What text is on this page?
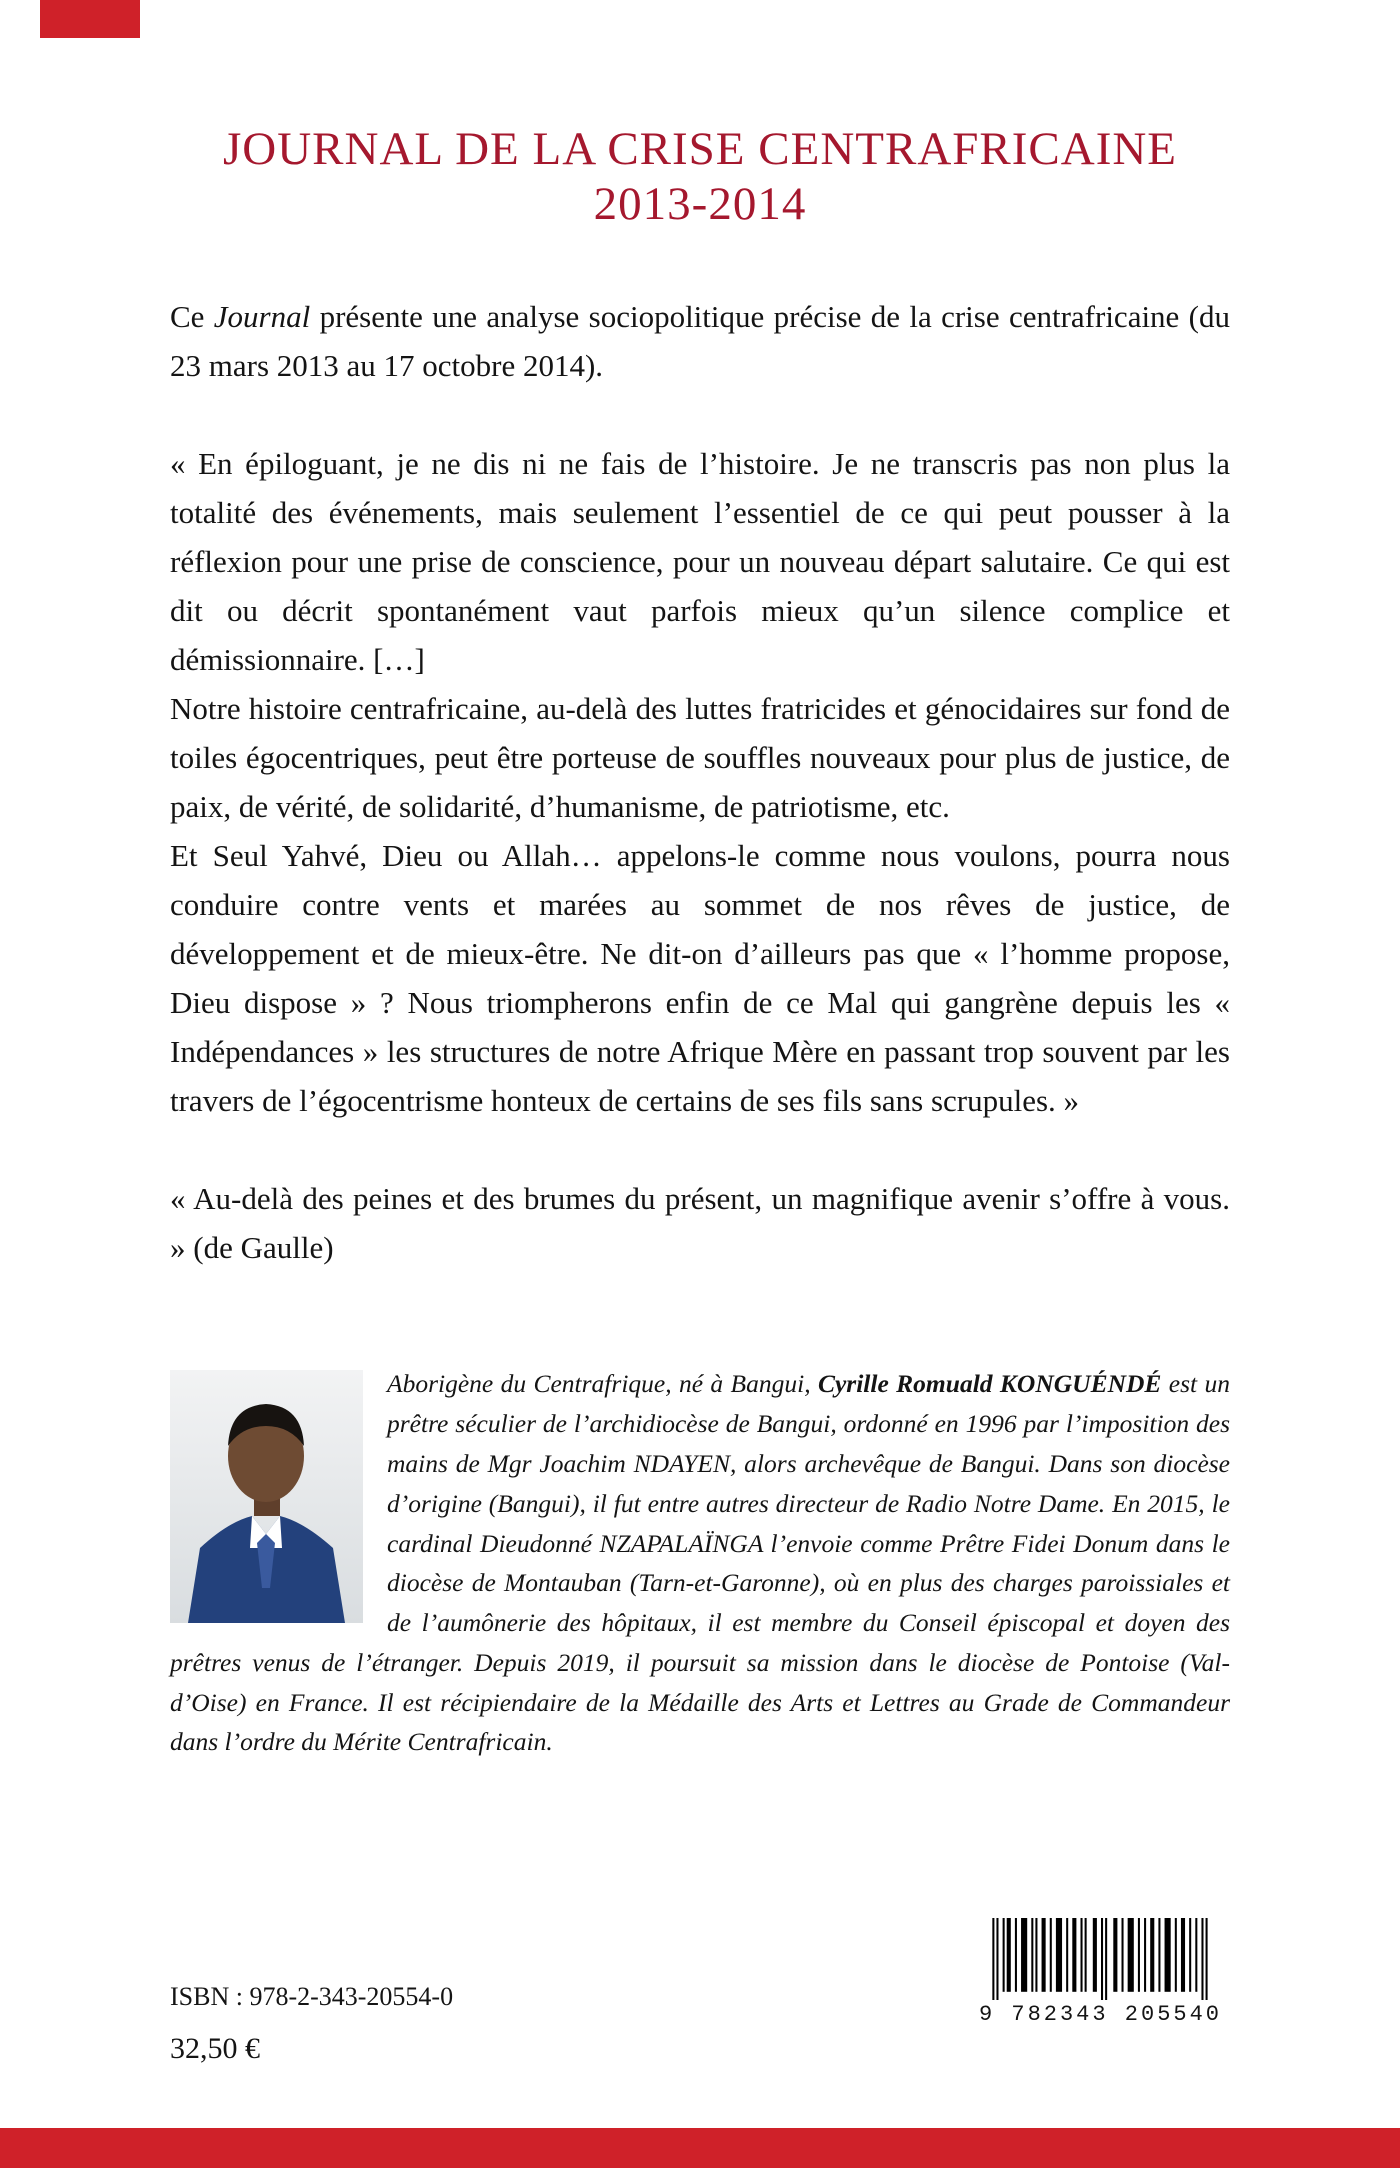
JOURNAL DE LA CRISE CENTRAFRICAINE
2013-2014

Ce Journal présente une analyse sociopolitique précise de la crise centrafricaine (du 23 mars 2013 au 17 octobre 2014).

« En épiloguant, je ne dis ni ne fais de l’histoire. Je ne transcris pas non plus la totalité des événements, mais seulement l’essentiel de ce qui peut pousser à la réflexion pour une prise de conscience, pour un nouveau départ salutaire. Ce qui est dit ou décrit spontanément vaut parfois mieux qu’un silence complice et démissionnaire. […]

Notre histoire centrafricaine, au-delà des luttes fratricides et génocidaires sur fond de toiles égocentriques, peut être porteuse de souffles nouveaux pour plus de justice, de paix, de vérité, de solidarité, d’humanisme, de patriotisme, etc.

Et Seul Yahvé, Dieu ou Allah… appelons-le comme nous voulons, pourra nous conduire contre vents et marées au sommet de nos rêves de justice, de développement et de mieux-être. Ne dit-on d’ailleurs pas que « l’homme propose, Dieu dispose » ? Nous triompherons enfin de ce Mal qui gangrène depuis les « Indépendances » les structures de notre Afrique Mère en passant trop souvent par les travers de l’égocentrisme honteux de certains de ses fils sans scrupules. »

« Au-delà des peines et des brumes du présent, un magnifique avenir s’offre à vous. » (de Gaulle)

Aborigène du Centrafrique, né à Bangui, Cyrille Romuald KONGUÉNDÉ est un prêtre séculier de l’archidiocèse de Bangui, ordonné en 1996 par l’imposition des mains de Mgr Joachim NDAYEN, alors archevêque de Bangui. Dans son diocèse d’origine (Bangui), il fut entre autres directeur de Radio Notre Dame. En 2015, le cardinal Dieudonné NZAPALAÏNGA l’envoie comme Prêtre Fidei Donum dans le diocèse de Montauban (Tarn-et-Garonne), où en plus des charges paroissiales et de l’aumônerie des hôpitaux, il est membre du Conseil épiscopal et doyen des prêtres venus de l’étranger. Depuis 2019, il poursuit sa mission dans le diocèse de Pontoise (Val-d’Oise) en France. Il est récipiendaire de la Médaille des Arts et Lettres au Grade de Commandeur dans l’ordre du Mérite Centrafricain.

ISBN : 978-2-343-20554-0

32,50 €

9 782343 205540
